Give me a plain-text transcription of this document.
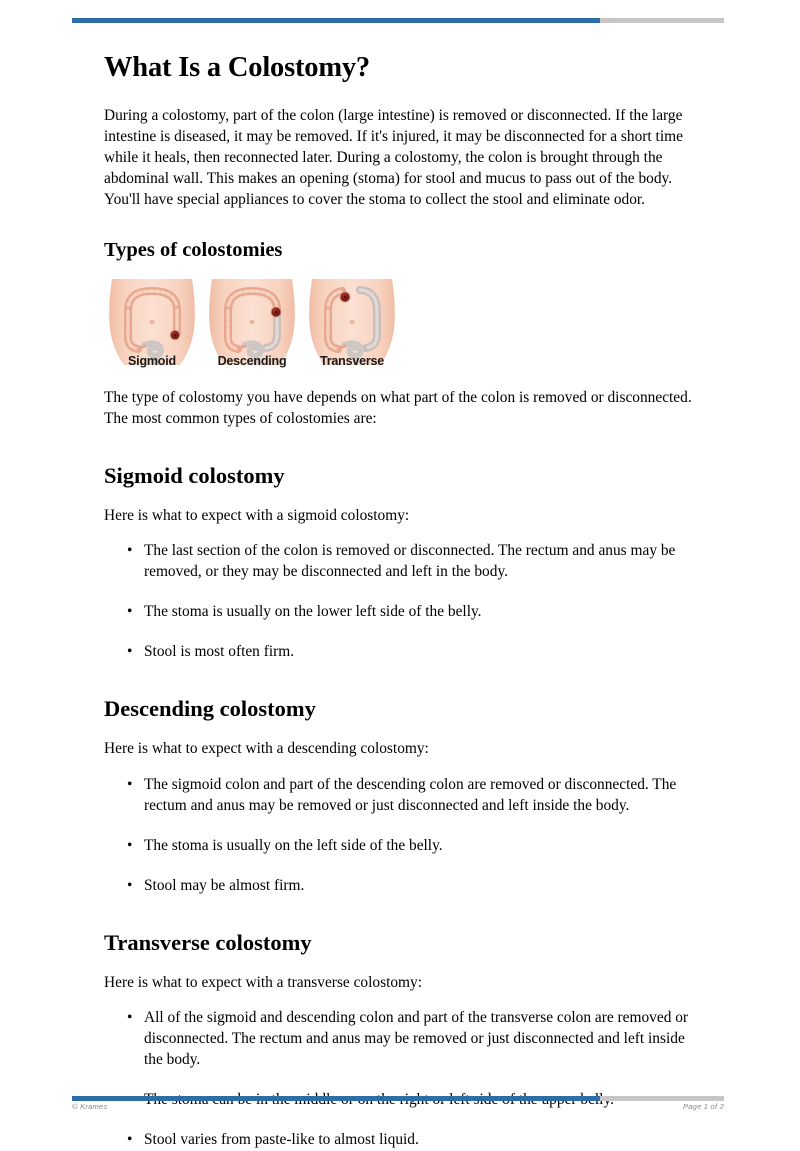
What Is a Colostomy?

During a colostomy, part of the colon (large intestine) is removed or disconnected. If the large intestine is diseased, it may be removed. If it's injured, it may be disconnected for a short time while it heals, then reconnected later. During a colostomy, the colon is brought through the abdominal wall. This makes an opening (stoma) for stool and mucus to pass out of the body. You'll have special appliances to cover the stoma to collect the stool and eliminate odor.

Types of colostomies
Sigmoid	Descending	Transverse

The type of colostomy you have depends on what part of the colon is removed or disconnected. The most common types of colostomies are:

Sigmoid colostomy

Here is what to expect with a sigmoid colostomy:

• The last section of the colon is removed or disconnected. The rectum and anus may be removed, or they may be disconnected and left in the body.
• The stoma is usually on the lower left side of the belly.
• Stool is most often firm.
Descending colostomy

Here is what to expect with a descending colostomy:

• The sigmoid colon and part of the descending colon are removed or disconnected. The rectum and anus may be removed or just disconnected and left inside the body.
• The stoma is usually on the left side of the belly.
• Stool may be almost firm.
Transverse colostomy

Here is what to expect with a transverse colostomy:

• All of the sigmoid and descending colon and part of the transverse colon are removed or disconnected. The rectum and anus may be removed or just disconnected and left inside the body.
•
• Stool varies from paste-like to almost liquid.
© Krames	Page 1 of 2
